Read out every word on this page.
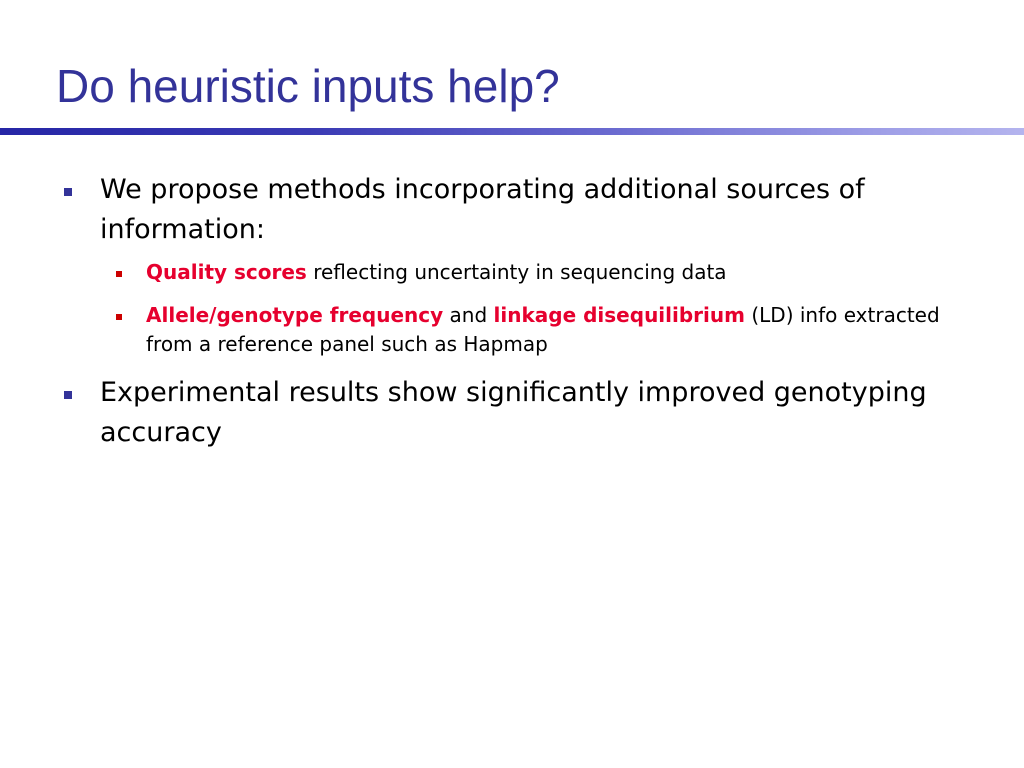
Do heuristic inputs help?
We propose methods incorporating additional sources of information:
Quality scores reflecting uncertainty in sequencing data
Allele/genotype frequency and linkage disequilibrium (LD) info extracted from a reference panel such as Hapmap
Experimental results show significantly improved genotyping accuracy
